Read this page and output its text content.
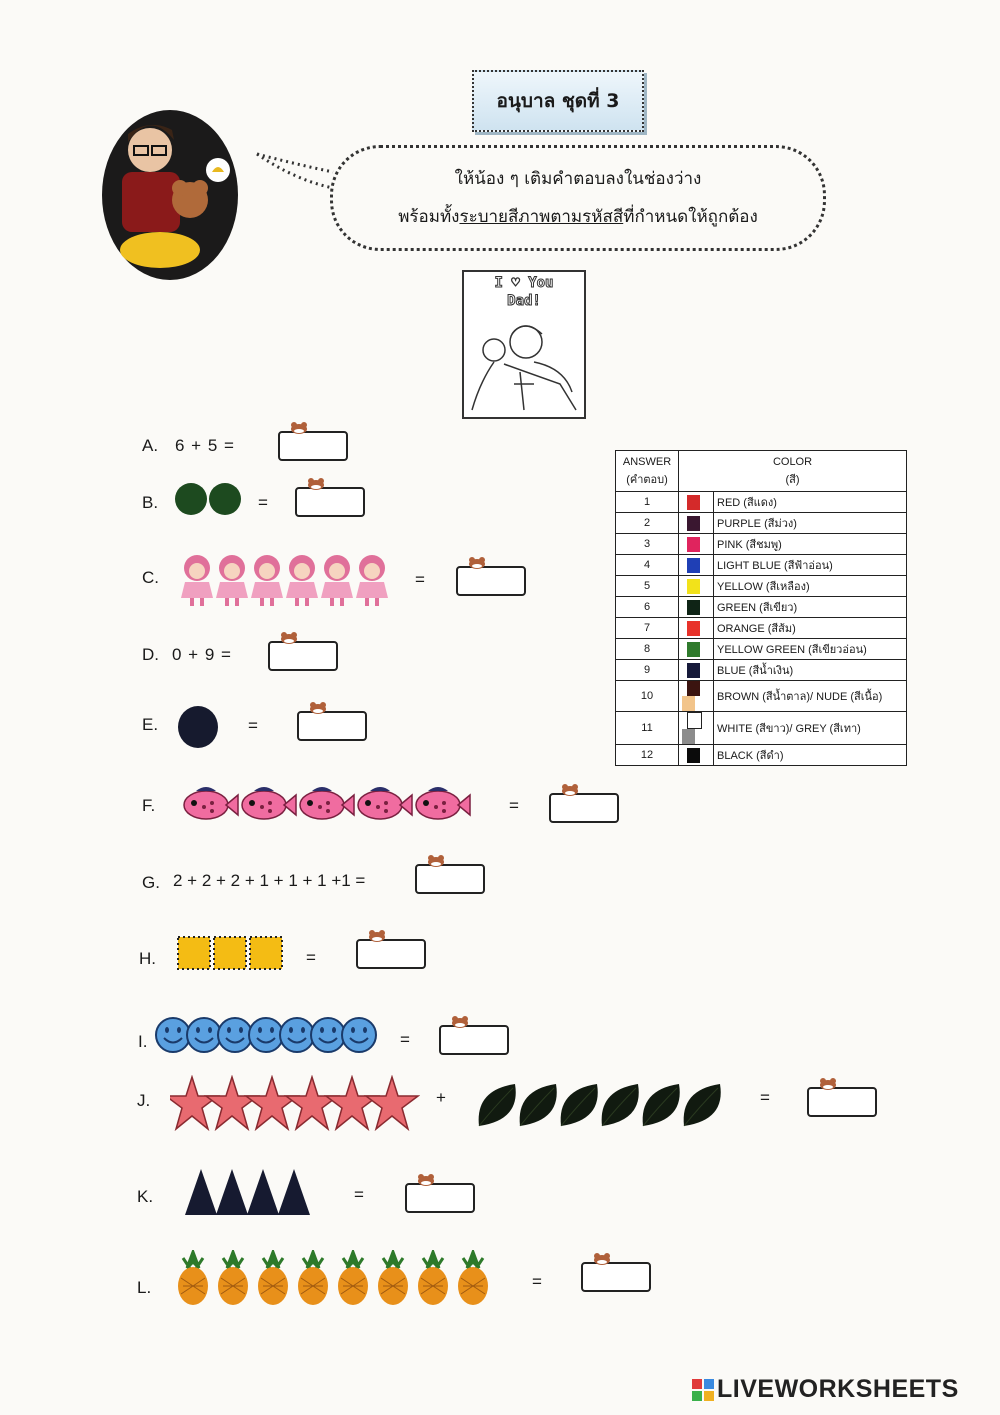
อนุบาล ชุดที่ 3
ให้น้อง ๆ เติมคำตอบลงในช่องว่าง
พร้อมทั้งระบายสีภาพตามรหัสสีที่กำหนดให้ถูกต้อง
I ♡ You
Dad!
A. 6 + 5 =
B.	=
C.	=
D. 0 + 9 =
E.	=
F.	=
G. 2 + 2 + 2 + 1 + 1 + 1 +1 =
H.	=
I.	=
J.	+	=
K.	=
L.	=
ANSWER
(คำตอบ)	COLOR
(สี)	

1		RED (สีแดง)
2		PURPLE (สีม่วง)
3		PINK (สีชมพู)
4		LIGHT BLUE (สีฟ้าอ่อน)
5		YELLOW (สีเหลือง)
6		GREEN (สีเขียว)
7		ORANGE (สีส้ม)
8		YELLOW GREEN (สีเขียวอ่อน)
9		BLUE (สีน้ำเงิน)
10		BROWN (สีน้ำตาล)/ NUDE (สีเนื้อ)
11		WHITE (สีขาว)/ GREY (สีเทา)
12		BLACK (สีดำ)
LIVEWORKSHEETS
